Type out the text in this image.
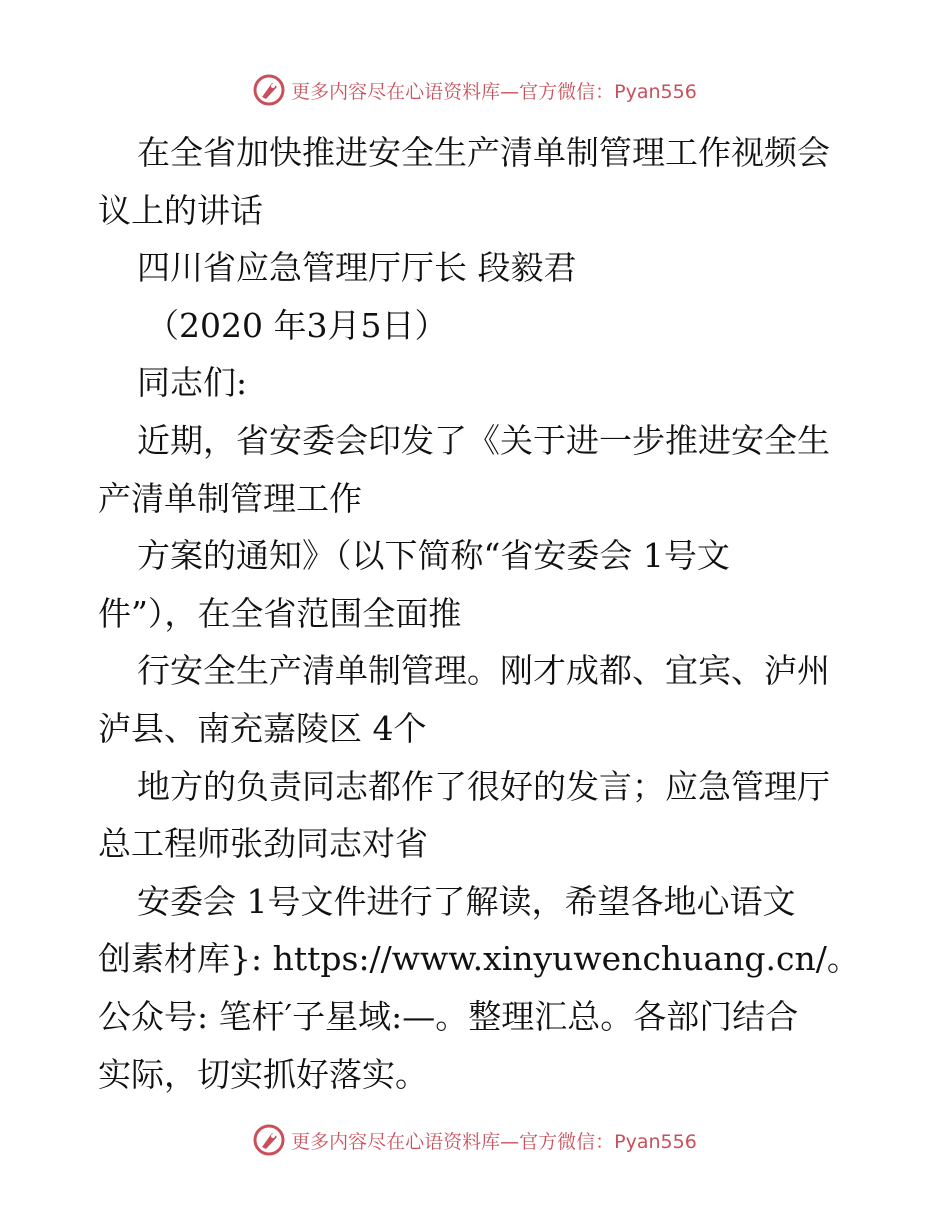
更多内容尽在心语资料库—官方微信：Pyan556
在全省加快推进安全生产清单制管理工作视频会
议上的讲话
四川省应急管理厅厅长 段毅君
（2020 年3月5日）
同志们:
近期，省安委会印发了《关于进一步推进安全生
产清单制管理工作
方案的通知》（以下简称“省安委会 1号文
件”），在全省范围全面推
行安全生产清单制管理。刚才成都、宜宾、泸州
泸县、南充嘉陵区 4个
地方的负责同志都作了很好的发言；应急管理厅
总工程师张劲同志对省
安委会 1号文件进行了解读，希望各地心语文
创素材库}: https://www.xinyuwenchuang.cn/。
公众号: 笔杆′子星域:—。整理汇总。各部门结合
实际，切实抓好落实。
更多内容尽在心语资料库—官方微信：Pyan556
